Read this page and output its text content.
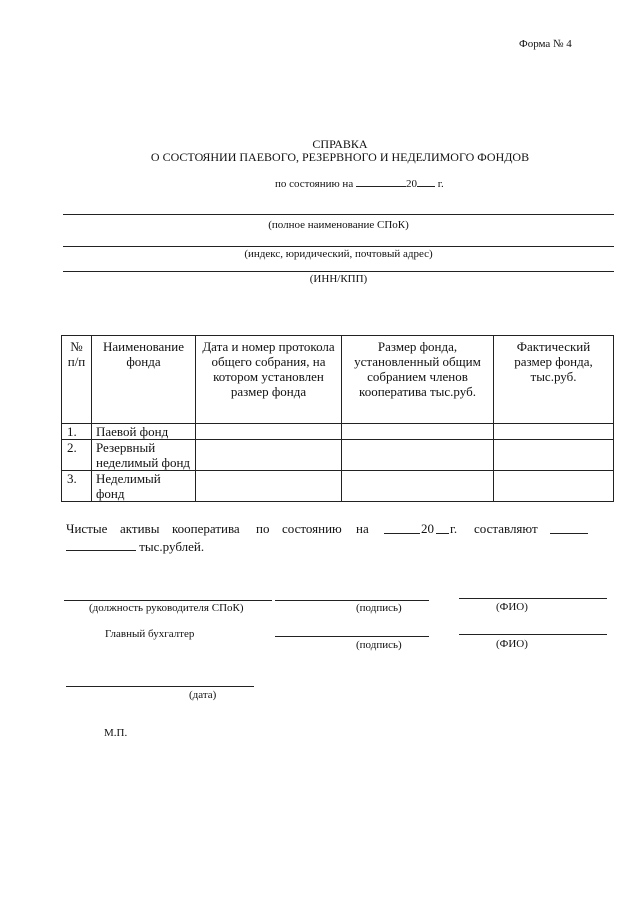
Форма № 4
СПРАВКА
О СОСТОЯНИИ ПАЕВОГО, РЕЗЕРВНОГО И НЕДЕЛИМОГО ФОНДОВ
по состоянию на	20 г.
(полное наименование СПоК)
(индекс, юридический, почтовый адрес)
(ИНН/КПП)
№ п/п	Наименование фонда	Дата и номер протокола общего собрания, на котором установлен размер фонда	Размер фонда, установленный общим собранием членов кооператива тыс.руб.	Фактический размер фонда, тыс.руб.
1.	Паевой фонд			
2.	Резервный неделимый фонд			
3.	Неделимый фонд			
Чистые активы кооператива по состоянию на	20 г. составляют
тыс.рублей.
(должность руководителя СПоК)	(подпись)	(ФИО)
Главный бухгалтер
(подпись)	(ФИО)
(дата)
М.П.
